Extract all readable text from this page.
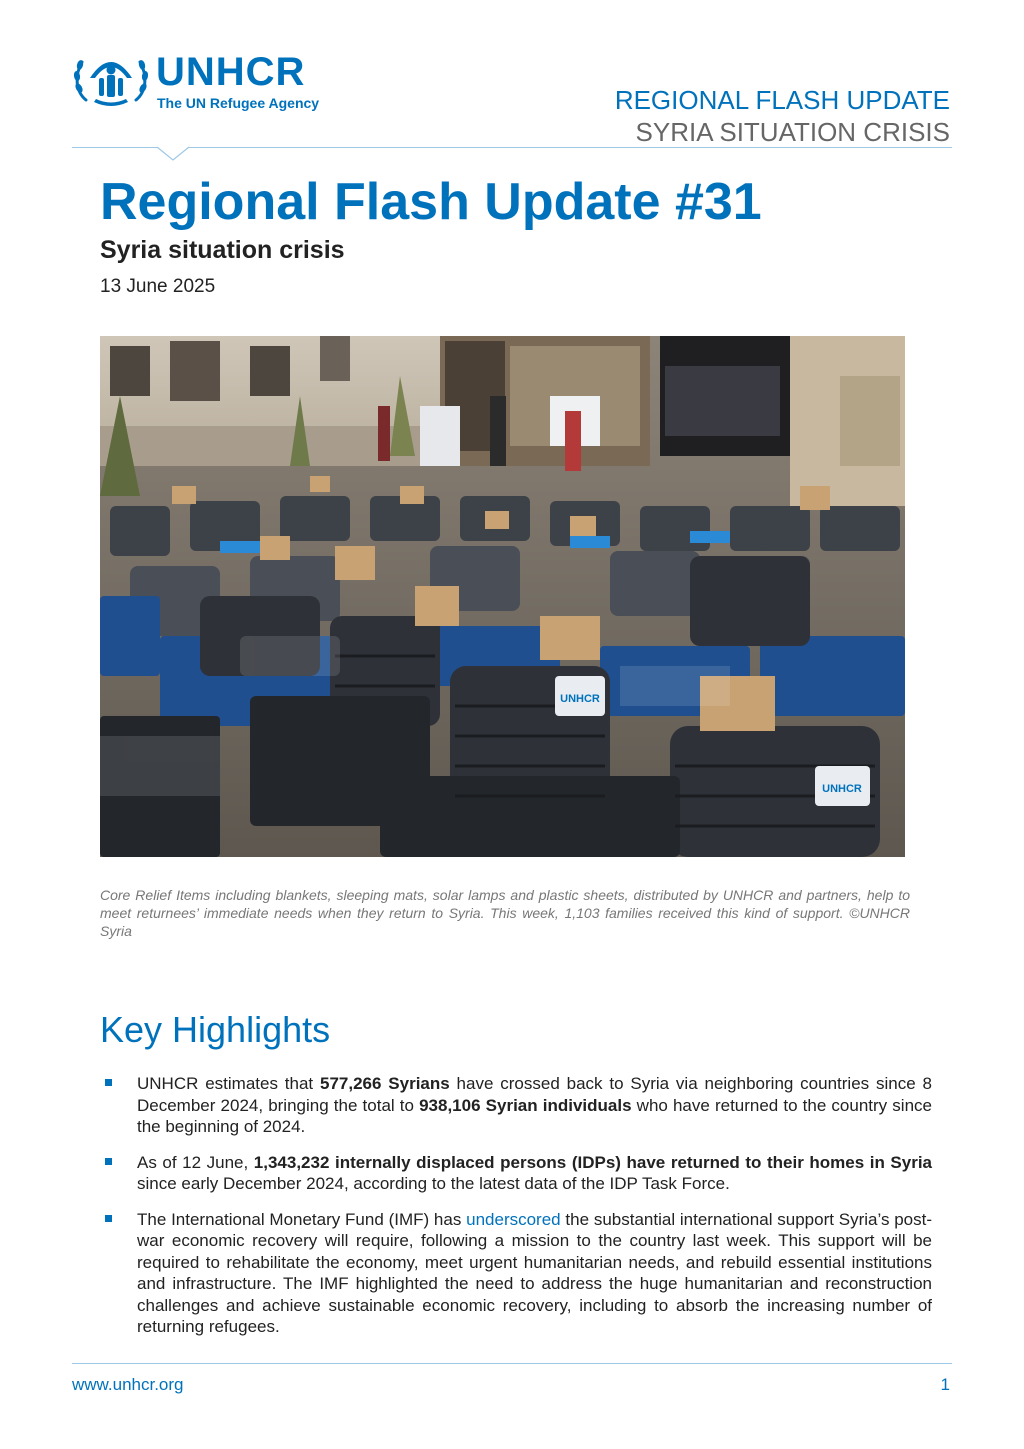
UNHCR
The UN Refugee Agency	REGIONAL FLASH UPDATE
SYRIA SITUATION CRISIS
Regional Flash Update #31
Syria situation crisis
13 June 2025
UNHCR
UNHCR
Core Relief Items including blankets, sleeping mats, solar lamps and plastic sheets, distributed by UNHCR and partners, help to meet returnees’ immediate needs when they return to Syria. This week, 1,103 families received this kind of support. ©UNHCR Syria
Key Highlights
UNHCR estimates that 577,266 Syrians have crossed back to Syria via neighboring countries since 8 December 2024, bringing the total to 938,106 Syrian individuals who have returned to the country since the beginning of 2024.
As of 12 June, 1,343,232 internally displaced persons (IDPs) have returned to their homes in Syria since early December 2024, according to the latest data of the IDP Task Force.
The International Monetary Fund (IMF) has underscored the substantial international support Syria’s post-war economic recovery will require, following a mission to the country last week. This support will be required to rehabilitate the economy, meet urgent humanitarian needs, and rebuild essential institutions and infrastructure. The IMF highlighted the need to address the huge humanitarian and reconstruction challenges and achieve sustainable economic recovery, including to absorb the increasing number of returning refugees.
www.unhcr.org	1
